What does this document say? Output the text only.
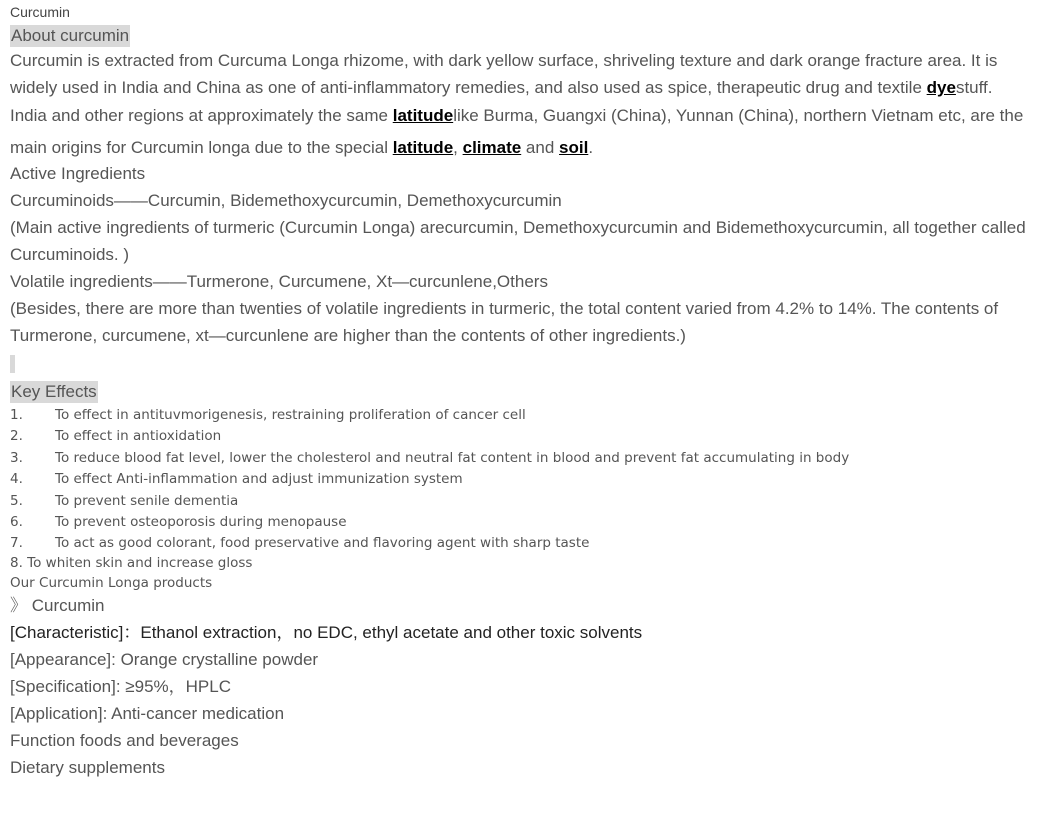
Curcumin
About curcumin

Curcumin is extracted from Curcuma Longa rhizome, with dark yellow surface, shriveling texture and dark orange fracture area. It is widely used in India and China as one of anti-inflammatory remedies, and also used as spice, therapeutic drug and textile dyestuff.

India and other regions at approximately the same latitudelike Burma, Guangxi (China), Yunnan (China), northern Vietnam etc, are the main origins for Curcumin longa due to the special latitude, climate and soil.

Active Ingredients

Curcuminoids——Curcumin, Bidemethoxycurcumin, Demethoxycurcumin

(Main active ingredients of turmeric (Curcumin Longa) arecurcumin, Demethoxycurcumin and Bidemethoxycurcumin, all together called Curcuminoids. )

Volatile ingredients——Turmerone, Curcumene, Xt—curcunlene,Others

(Besides, there are more than twenties of volatile ingredients in turmeric, the total content varied from 4.2% to 14%. The contents of Turmerone, curcumene, xt—curcunlene are higher than the contents of other ingredients.)

Key Effects

1. To effect in antituvmorigenesis, restraining proliferation of cancer cell

2. To effect in antioxidation

3. To reduce blood fat level, lower the cholesterol and neutral fat content in blood and prevent fat accumulating in body

4. To effect Anti-inflammation and adjust immunization system

5. To prevent senile dementia

6. To prevent osteoporosis during menopause

7. To act as good colorant, food preservative and flavoring agent with sharp taste

8. To whiten skin and increase gloss

Our Curcumin Longa products

》 Curcumin

[Characteristic]：Ethanol extraction，no EDC, ethyl acetate and other toxic solvents

[Appearance]: Orange crystalline powder

[Specification]: ≥95%，HPLC

[Application]: Anti-cancer medication

Function foods and beverages

Dietary supplements
